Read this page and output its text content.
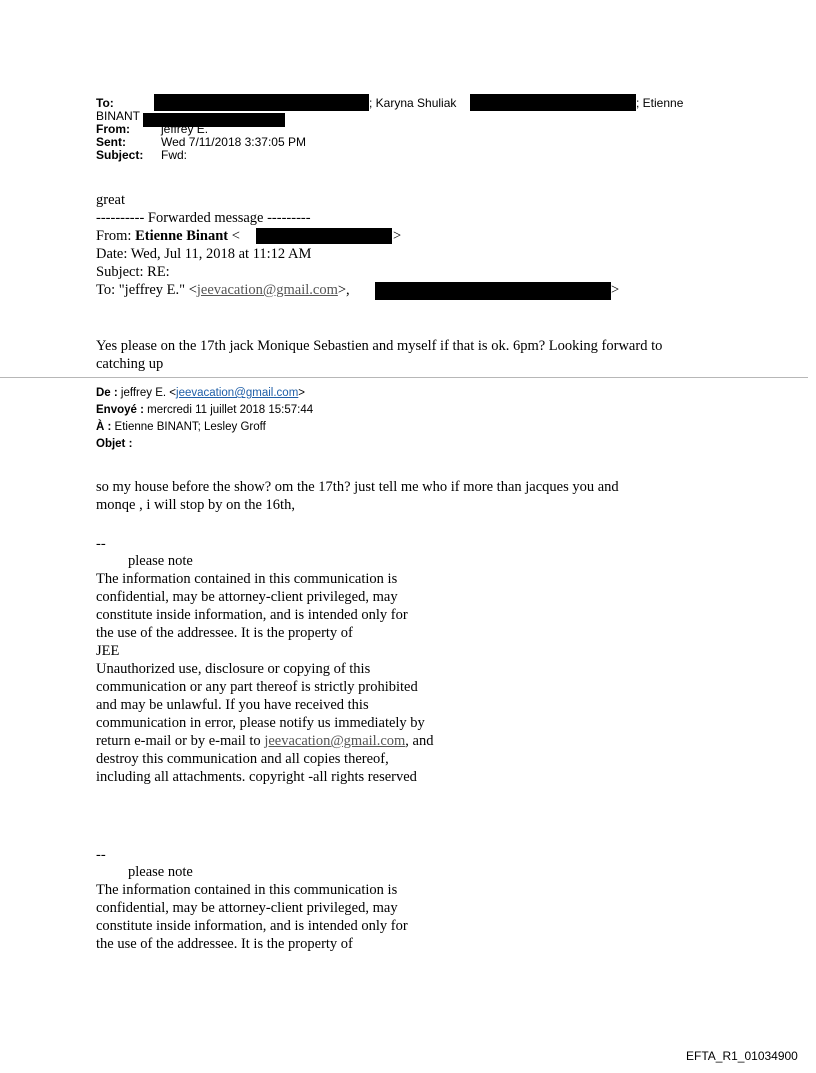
To:	; Karyna Shuliak	; Etienne
BINANT
From:	jeffrey E.
Sent:	Wed 7/11/2018 3:37:05 PM
Subject: Fwd:
great
---------- Forwarded message ---------
From: Etienne Binant <	>
Date: Wed, Jul 11, 2018 at 11:12 AM
Subject: RE:
To: "jeffrey E." <jeevacation@gmail.com>,	>
Yes please on the 17th jack Monique Sebastien and myself if that is ok. 6pm? Looking forward to
catching up
De : jeffrey E. <jeevacation@gmail.com>
Envoyé : mercredi 11 juillet 2018 15:57:44
À : Etienne BINANT; Lesley Groff
Objet :
so my house before the show? om the 17th? just tell me who if more than jacques you and
monqe , i will stop by on the 16th,
--
please note
The information contained in this communication is
confidential, may be attorney-client privileged, may
constitute inside information, and is intended only for
the use of the addressee. It is the property of
JEE
Unauthorized use, disclosure or copying of this
communication or any part thereof is strictly prohibited
and may be unlawful. If you have received this
communication in error, please notify us immediately by
return e-mail or by e-mail to jeevacation@gmail.com, and
destroy this communication and all copies thereof,
including all attachments. copyright -all rights reserved
--
please note
The information contained in this communication is
confidential, may be attorney-client privileged, may
constitute inside information, and is intended only for
the use of the addressee. It is the property of
EFTA_R1_01034900
